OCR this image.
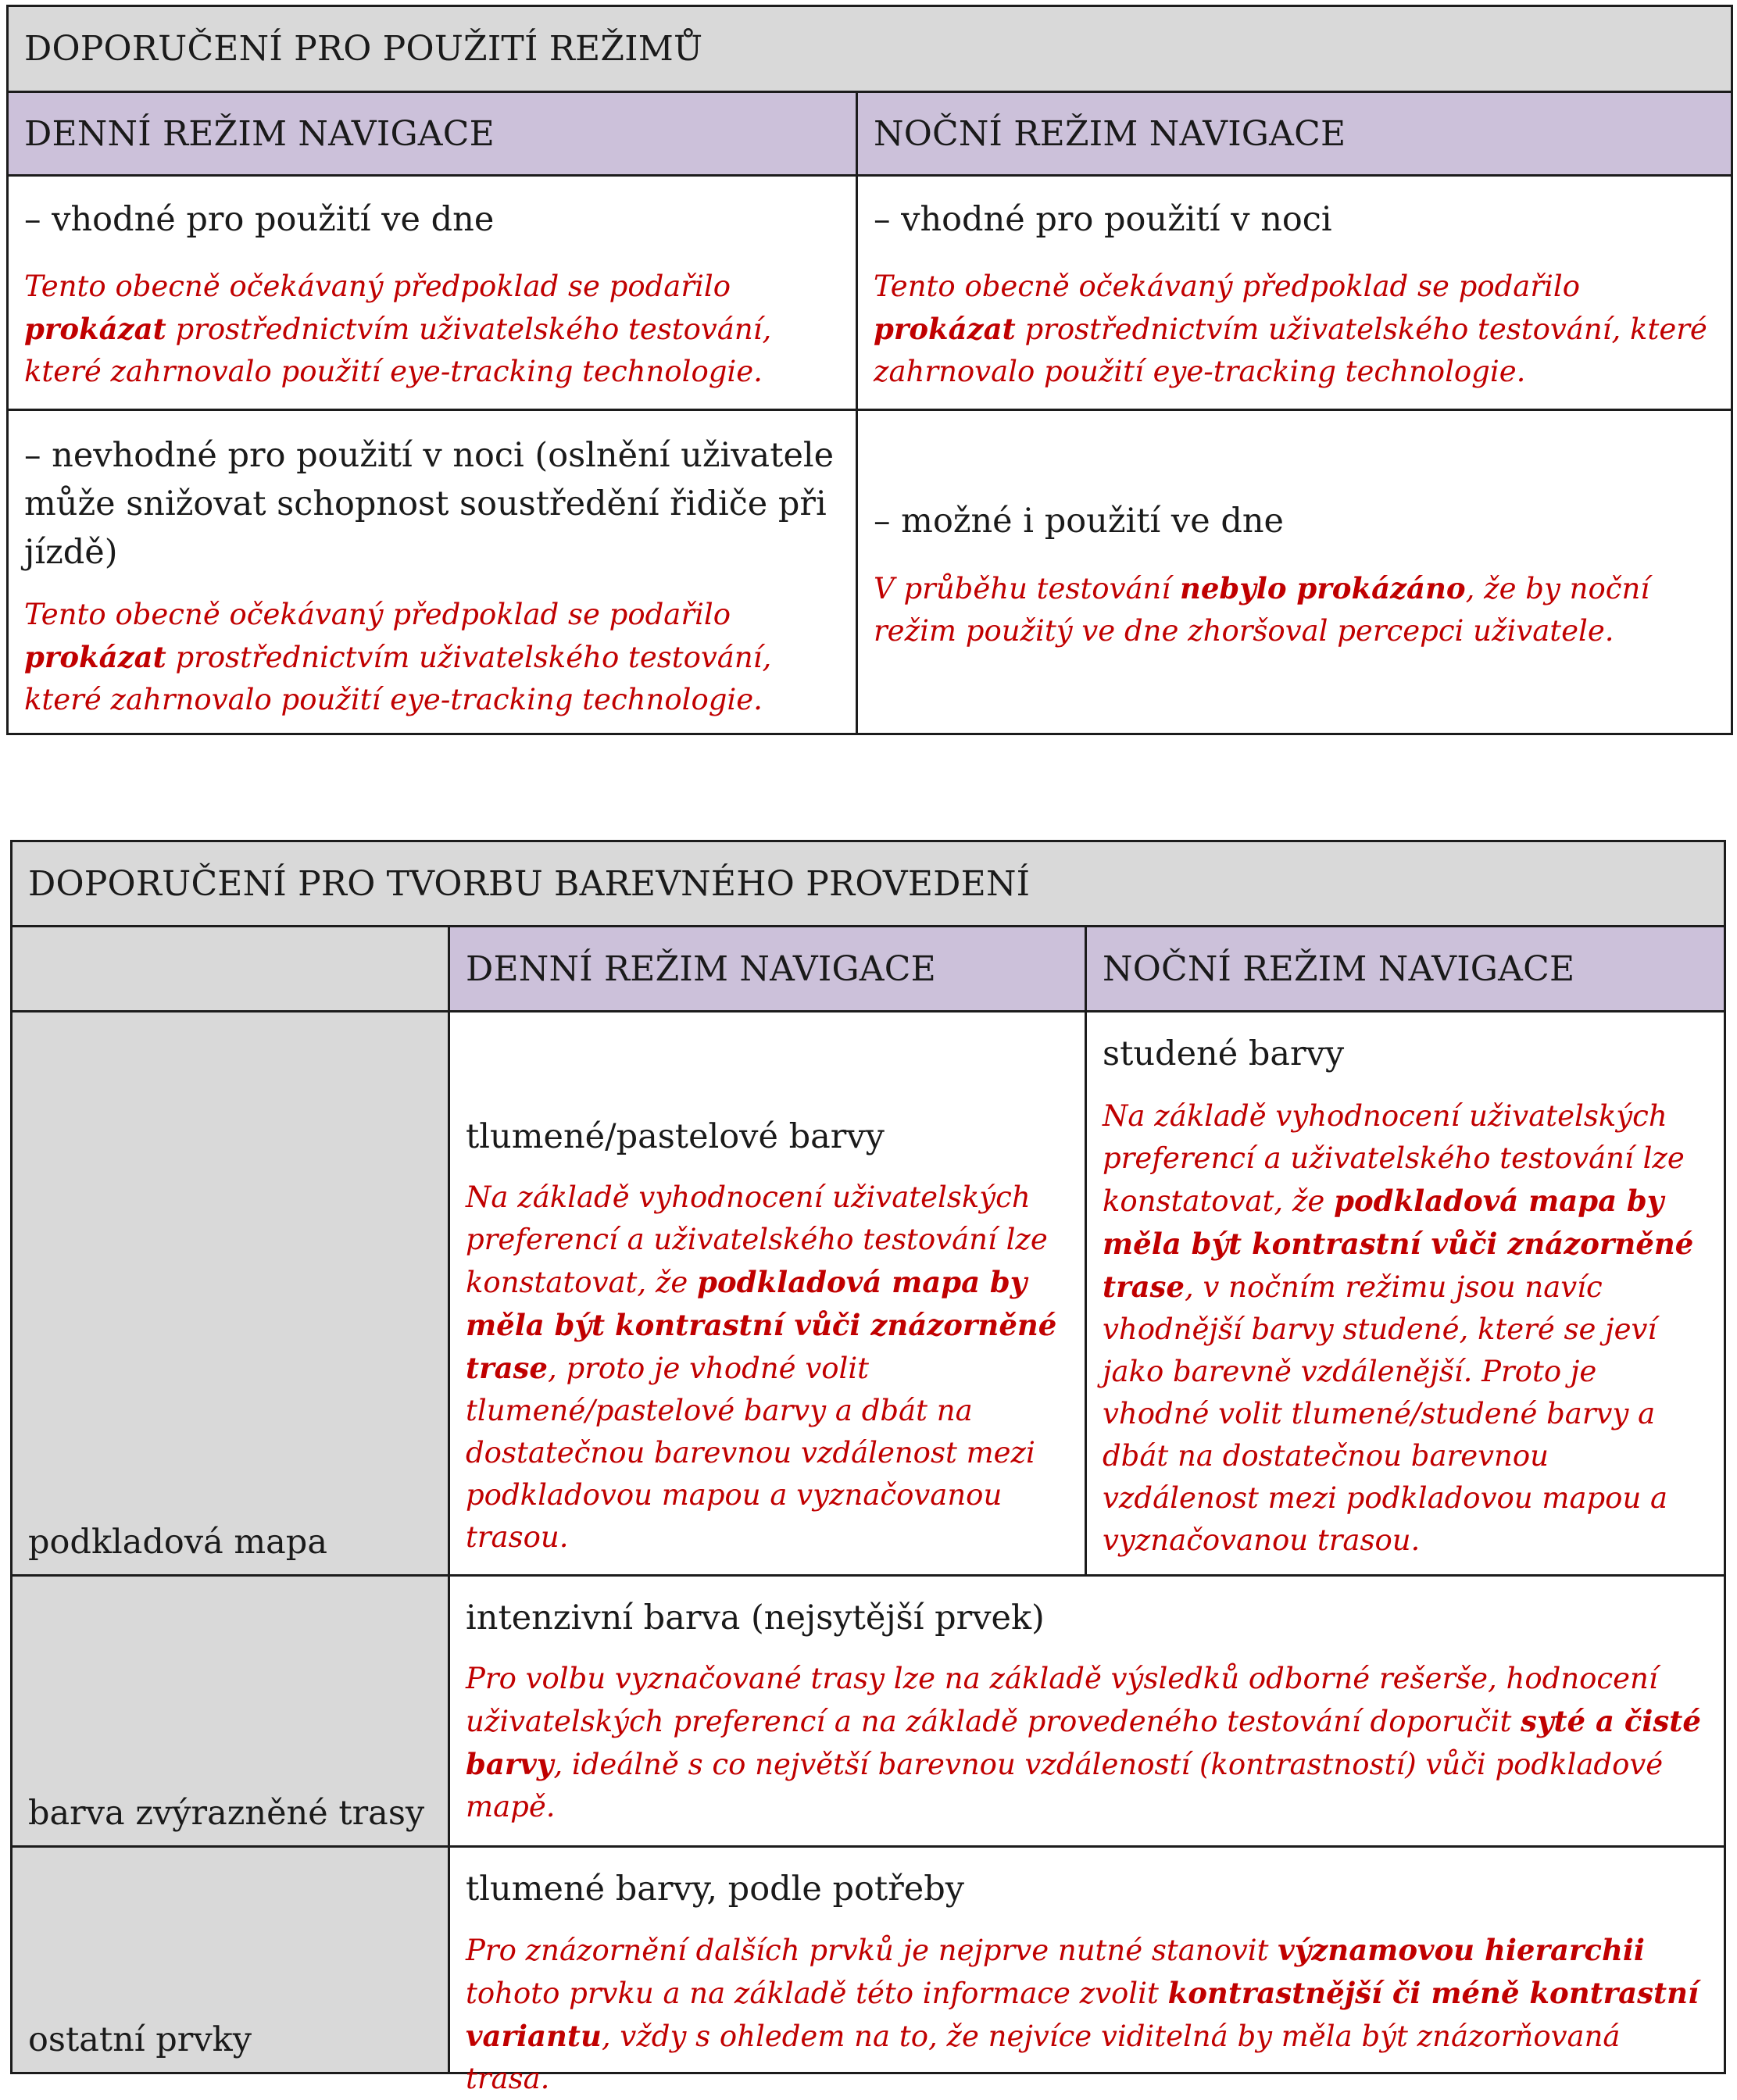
DOPORUČENÍ PRO POUŽITÍ REŽIMŮ
DENNÍ REŽIM NAVIGACE	NOČNÍ REŽIM NAVIGACE

– vhodné pro použití ve dne

Tento obecně očekávaný předpoklad se podařilo prokázat prostřednictvím uživatelského testování, které zahrnovalo použití eye-tracking technologie.

– vhodné pro použití v noci

Tento obecně očekávaný předpoklad se podařilo prokázat prostřednictvím uživatelského testování, které zahrnovalo použití eye-tracking technologie.

– nevhodné pro použití v noci (oslnění uživatele může snižovat schopnost soustředění řidiče při jízdě)

Tento obecně očekávaný předpoklad se podařilo prokázat prostřednictvím uživatelského testování, které zahrnovalo použití eye-tracking technologie.

– možné i použití ve dne

V průběhu testování nebylo prokázáno, že by noční režim použitý ve dne zhoršoval percepci uživatele.

DOPORUČENÍ PRO TVORBU BAREVNÉHO PROVEDENÍ
DENNÍ REŽIM NAVIGACE	NOČNÍ REŽIM NAVIGACE
podkladová mapa

tlumené/pastelové barvy

Na základě vyhodnocení uživatelských preferencí a uživatelského testování lze konstatovat, že podkladová mapa by měla být kontrastní vůči znázorněné trase, proto je vhodné volit tlumené/pastelové barvy a dbát na dostatečnou barevnou vzdálenost mezi podkladovou mapou a vyznačovanou trasou.

studené barvy

Na základě vyhodnocení uživatelských preferencí a uživatelského testování lze konstatovat, že podkladová mapa by měla být kontrastní vůči znázorněné trase, v nočním režimu jsou navíc vhodnější barvy studené, které se jeví jako barevně vzdálenější. Proto je vhodné volit tlumené/studené barvy a dbát na dostatečnou barevnou vzdálenost mezi podkladovou mapou a vyznačovanou trasou.

barva zvýrazněné trasy

intenzivní barva (nejsytější prvek)

Pro volbu vyznačované trasy lze na základě výsledků odborné rešerše, hodnocení uživatelských preferencí a na základě provedeného testování doporučit syté a čisté barvy, ideálně s co největší barevnou vzdáleností (kontrastností) vůči podkladové mapě.

ostatní prvky

tlumené barvy, podle potřeby

Pro znázornění dalších prvků je nejprve nutné stanovit významovou hierarchii tohoto prvku a na základě této informace zvolit kontrastnější či méně kontrastní variantu, vždy s ohledem na to, že nejvíce viditelná by měla být znázorňovaná trasa.
